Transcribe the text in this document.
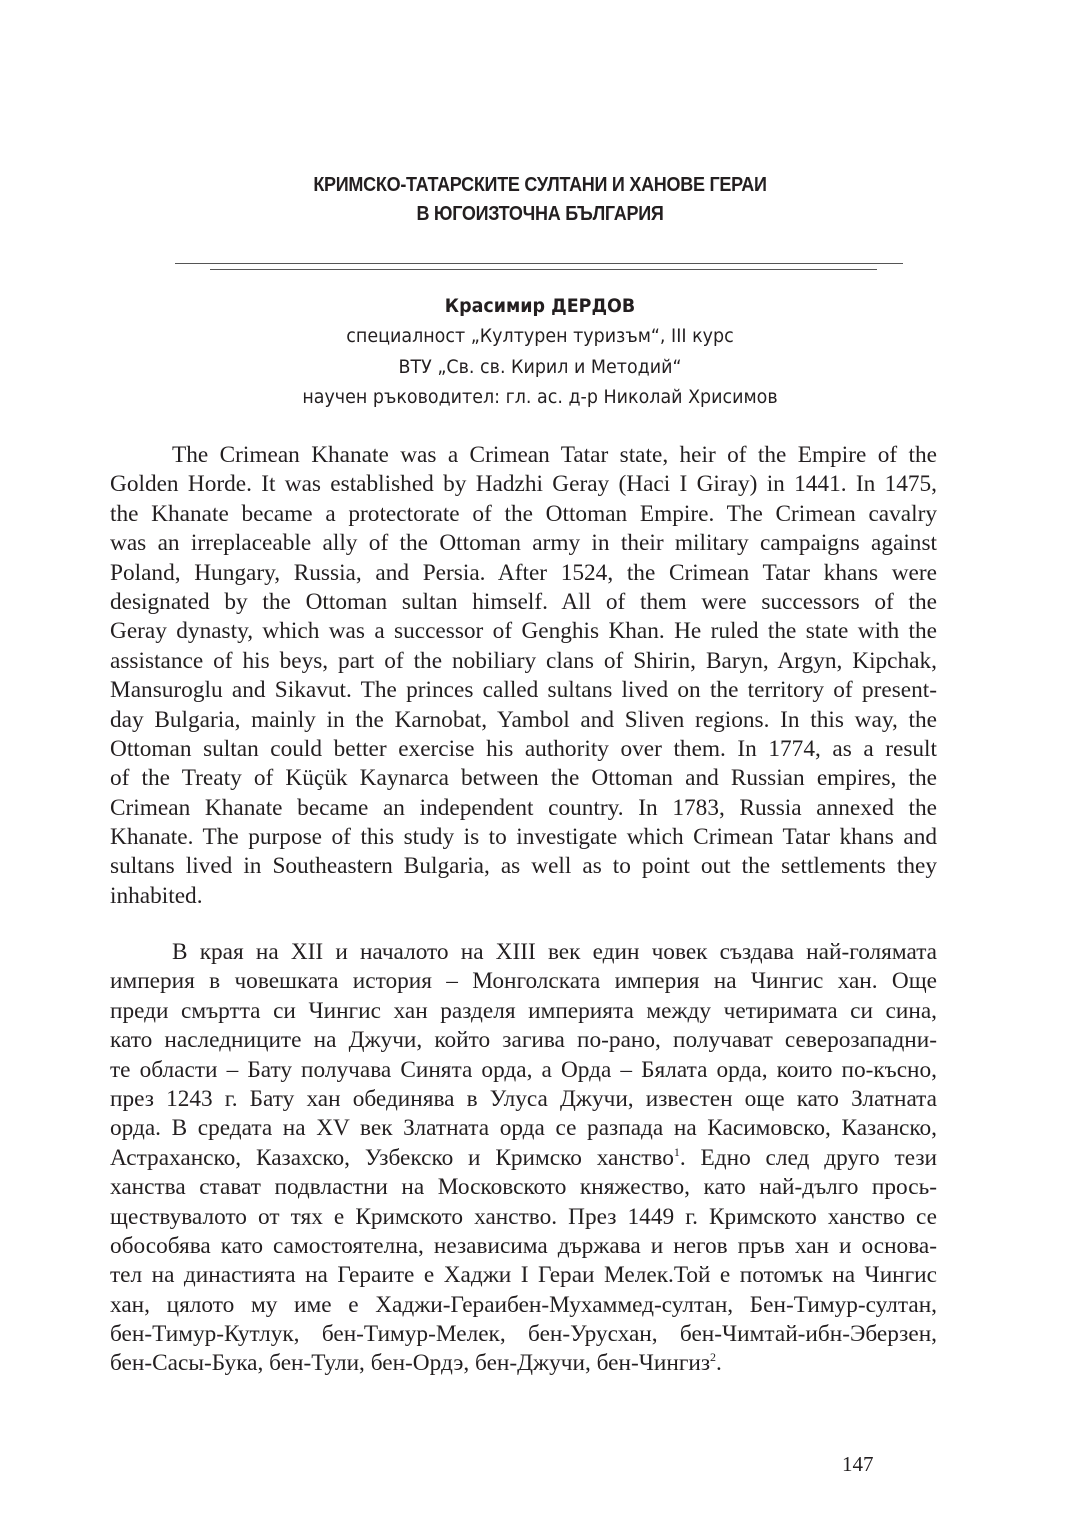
КРИМСКО-ТАТАРСКИТЕ СУЛТАНИ И ХАНОВЕ ГЕРАИ
В ЮГОИЗТОЧНА БЪЛГАРИЯ
Красимир ДЕРДОВ
специалност „Културен туризъм“, III курс
ВТУ „Св. св. Кирил и Методий“
научен ръководител: гл. ас. д-р Николай Хрисимов
The Crimean Khanate was a Crimean Tatar state, heir of the Empire of the
Golden Horde. It was established by Hadzhi Geray (Haci I Giray) in 1441. In 1475,
the Khanate became a protectorate of the Ottoman Empire. The Crimean cavalry
was an irreplaceable ally of the Ottoman army in their military campaigns against
Poland, Hungary, Russia, and Persia. After 1524, the Crimean Tatar khans were
designated by the Ottoman sultan himself. All of them were successors of the
Geray dynasty, which was a successor of Genghis Khan. He ruled the state with the
assistance of his beys, part of the nobiliary clans of Shirin, Baryn, Argyn, Kipchak,
Mansuroglu and Sikavut. The princes called sultans lived on the territory of present-
day Bulgaria, mainly in the Karnobat, Yambol and Sliven regions. In this way, the
Ottoman sultan could better exercise his authority over them. In 1774, as a result
of the Treaty of Küçük Kaynarca between the Ottoman and Russian empires, the
Crimean Khanate became an independent country. In 1783, Russia annexed the
Khanate. The purpose of this study is to investigate which Crimean Tatar khans and
sultans lived in Southeastern Bulgaria, as well as to point out the settlements they
inhabited.
В края на XII и началото на XIII век един човек създава най-голямата
империя в човешката история – Монголската империя на Чингис хан. Още
преди смъртта си Чингис хан разделя империята между четиримата си сина,
като наследниците на Джучи, който загива по-рано, получават северозападни-
те области – Бату получава Синята орда, а Орда – Бялата орда, които по-късно,
през 1243 г. Бату хан обединява в Улуса Джучи, известен още като Златната
орда. В средата на XV век Златната орда се разпада на Касимовско, Казанско,
Астраханско, Казахско, Узбекско и Кримско ханство$^1$. Едно след друго тези
ханства стават подвластни на Московското княжество, като най-дълго прось-
ществувалото от тях е Кримското ханство. През 1449 г. Кримското ханство се
обособява като самостоятелна, независима държава и негов пръв хан и основа-
тел на династията на Гераите е Хаджи I Гераи Мелек.Той е потомък на Чингис
хан, цялото му име е Хаджи-Гераибен-Мухаммед-султан, Бен-Тимур-султан,
бен-Тимур-Кутлук, бен-Тимур-Мелек, бен-Урусхан, бен-Чимтай-ибн-Эберзен,
бен-Сасы-Бука, бен-Тули, бен-Ордэ, бен-Джучи, бен-Чингиз$^2$.
147
